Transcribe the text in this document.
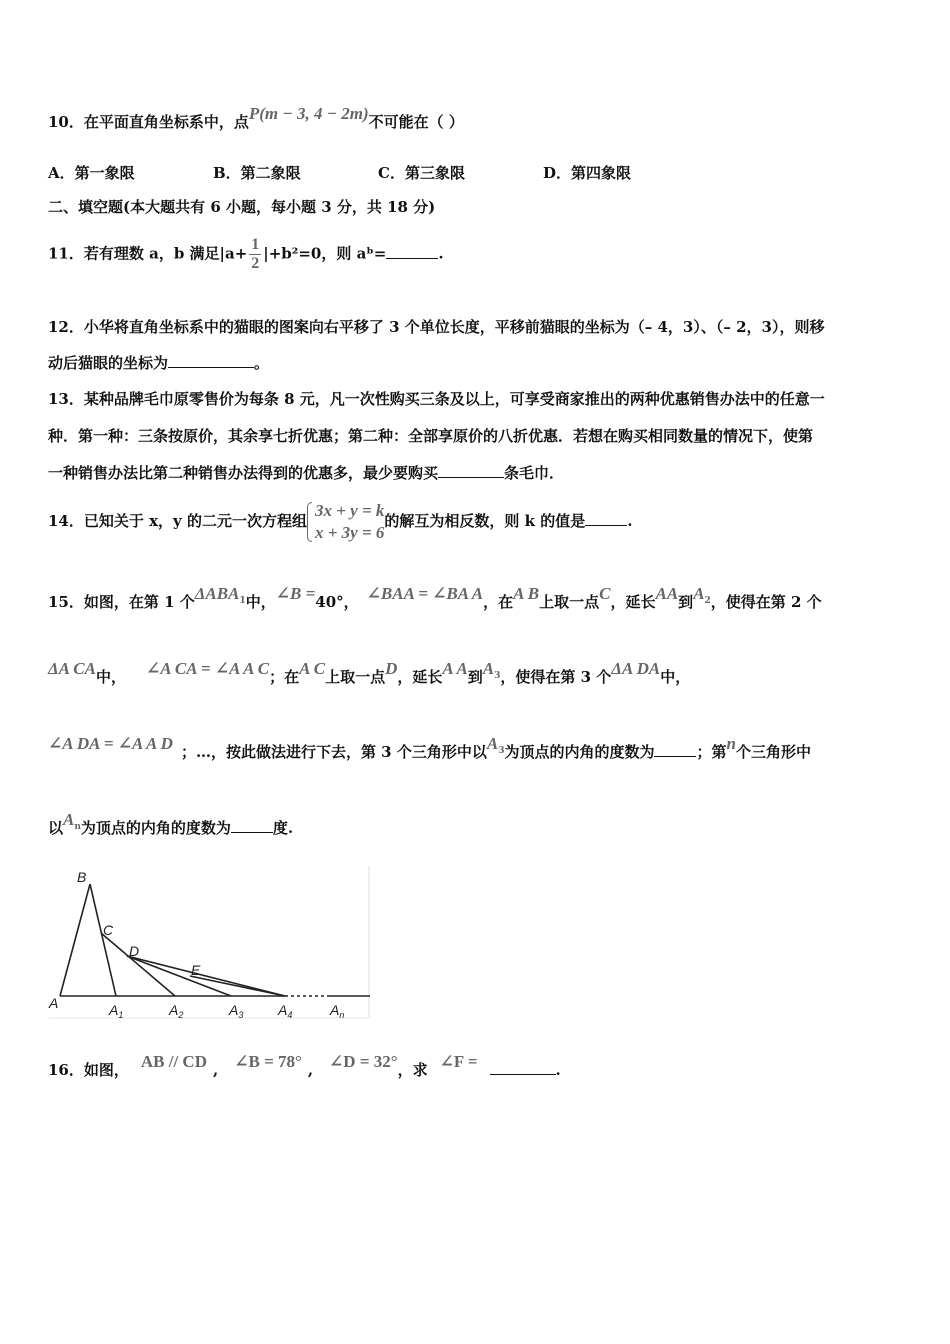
10．在平面直角坐标系中，点P(m − 3, 4 − 2m)不可能在（ ）
A．第一象限	B．第二象限	C．第三象限	D．第四象限
二、填空题(本大题共有 6 小题，每小题 3 分，共 18 分)
11．若有理数 a，b 满足$|a+ \frac{1}{2} |+b^2=0$，则 aᵇ=	.
12．小华将直角坐标系中的猫眼的图案向右平移了 3 个单位长度，平移前猫眼的坐标为（– 4，3）、（– 2，3），则移
动后猫眼的坐标为	。
13．某种品牌毛巾原零售价为每条 8 元，凡一次性购买三条及以上，可享受商家推出的两种优惠销售办法中的任意一
种．第一种：三条按原价，其余享七折优惠；第二种：全部享原价的八折优惠．若想在购买相同数量的情况下，使第
一种销售办法比第二种销售办法得到的优惠多，最少要购买	条毛巾．
14．已知关于 x，y 的二元一次方程组
3x + y = k
x + 3y = 6
的解互为相反数，则 k 的值是	.
15．如图，在第 1 个$\Delta ABA_1$中，∠B =40°， ∠BAA = ∠BA A，在A B上取一点C，延长AA到$A_2$，使得在第 2 个
ΔA CA中， ∠A CA = ∠A A C；在A C上取一点D，延长A A到$A_3$，使得在第 3 个ΔA DA中，
∠A DA = ∠A A D ；…，按此做法进行下去，第 3 个三角形中以$A_3$为顶点的内角的度数为	；第n个三角形中
以$A_n$为顶点的内角的度数为	度.
B
C
D
E
A	$A_1$	$A_2$	$A_3$ $A_4$	$A_n$
16．如图， AB // CD , ∠B = 78° , ∠D = 32°，求 ∠F =	.
